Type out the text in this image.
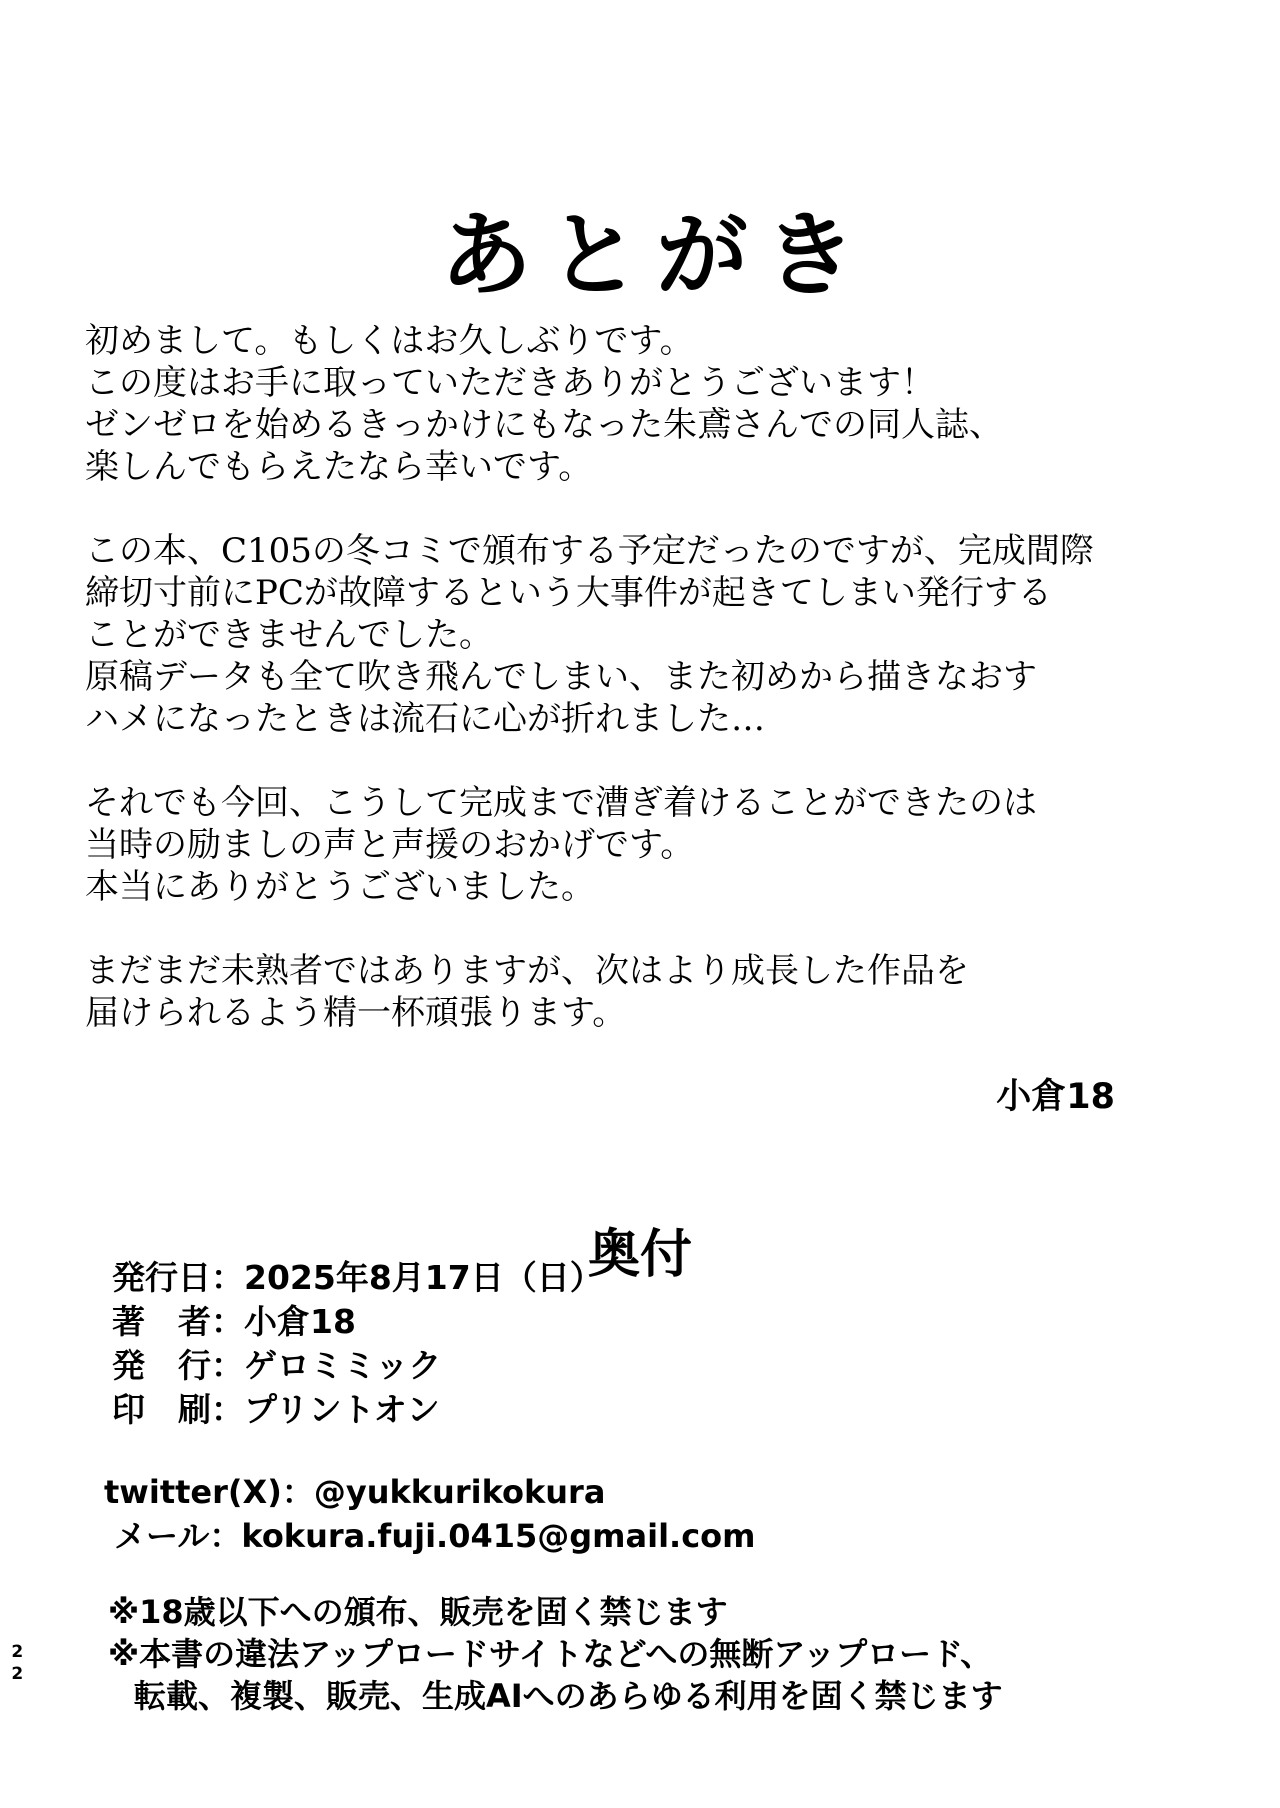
あとがき

初めまして。もしくはお久しぶりです。
この度はお手に取っていただきありがとうございます！
ゼンゼロを始めるきっかけにもなった朱鳶さんでの同人誌、
楽しんでもらえたなら幸いです。

この本、C105の冬コミで頒布する予定だったのですが、完成間際
締切寸前にPCが故障するという大事件が起きてしまい発行する
ことができませんでした。
原稿データも全て吹き飛んでしまい、また初めから描きなおす
ハメになったときは流石に心が折れました…

それでも今回、こうして完成まで漕ぎ着けることができたのは
当時の励ましの声と声援のおかげです。
本当にありがとうございました。

まだまだ未熟者ではありますが、次はより成長した作品を
届けられるよう精一杯頑張ります。

小倉18
奥付
発行日：2025年8月17日（日）
著　者：小倉18
発　行：ゲロミミック
印　刷：プリントオン
twitter(X)：@yukkurikokura
メール：kokura.fuji.0415@gmail.com
※18歳以下への頒布、販売を固く禁じます
※本書の違法アップロードサイトなどへの無断アップロード、
転載、複製、販売、生成AIへのあらゆる利用を固く禁じます
22
